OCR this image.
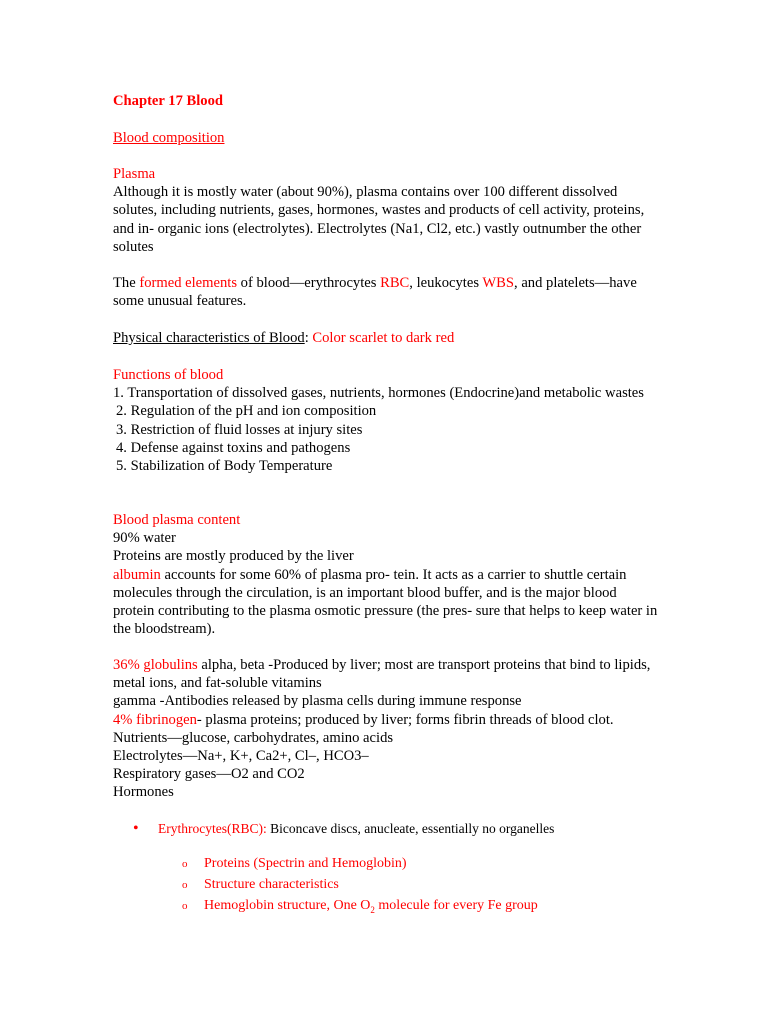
Chapter 17 Blood
Blood composition
Plasma
Although it is mostly water (about 90%), plasma contains over 100 different dissolved solutes, including nutrients, gases, hormones, wastes and products of cell activity, proteins, and in- organic ions (electrolytes). Electrolytes (Na1, Cl2, etc.) vastly outnumber the other solutes
The formed elements of blood—erythrocytes RBC, leukocytes WBS, and platelets—have some unusual features.
Physical characteristics of Blood: Color scarlet to dark red
Functions of blood
1. Transportation of dissolved gases, nutrients, hormones (Endocrine)and metabolic wastes
2. Regulation of the pH and ion composition
3. Restriction of fluid losses at injury sites
4. Defense against toxins and pathogens
5. Stabilization of Body Temperature
Blood plasma content
90% water
Proteins are mostly produced by the liver
albumin accounts for some 60% of plasma pro- tein. It acts as a carrier to shuttle certain molecules through the circulation, is an important blood buffer, and is the major blood protein contributing to the plasma osmotic pressure (the pres- sure that helps to keep water in the bloodstream).
36% globulins alpha, beta -Produced by liver; most are transport proteins that bind to lipids, metal ions, and fat-soluble vitamins
gamma -Antibodies released by plasma cells during immune response
4% fibrinogen- plasma proteins; produced by liver; forms fibrin threads of blood clot.
Nutrients—glucose, carbohydrates, amino acids
Electrolytes—Na+, K+, Ca2+, Cl–, HCO3–
Respiratory gases—O2 and CO2
Hormones
• Erythrocytes(RBC): Biconcave discs, anucleate, essentially no organelles
o Proteins (Spectrin and Hemoglobin)
o Structure characteristics
o Hemoglobin structure, One $O_2$ molecule for every Fe group
